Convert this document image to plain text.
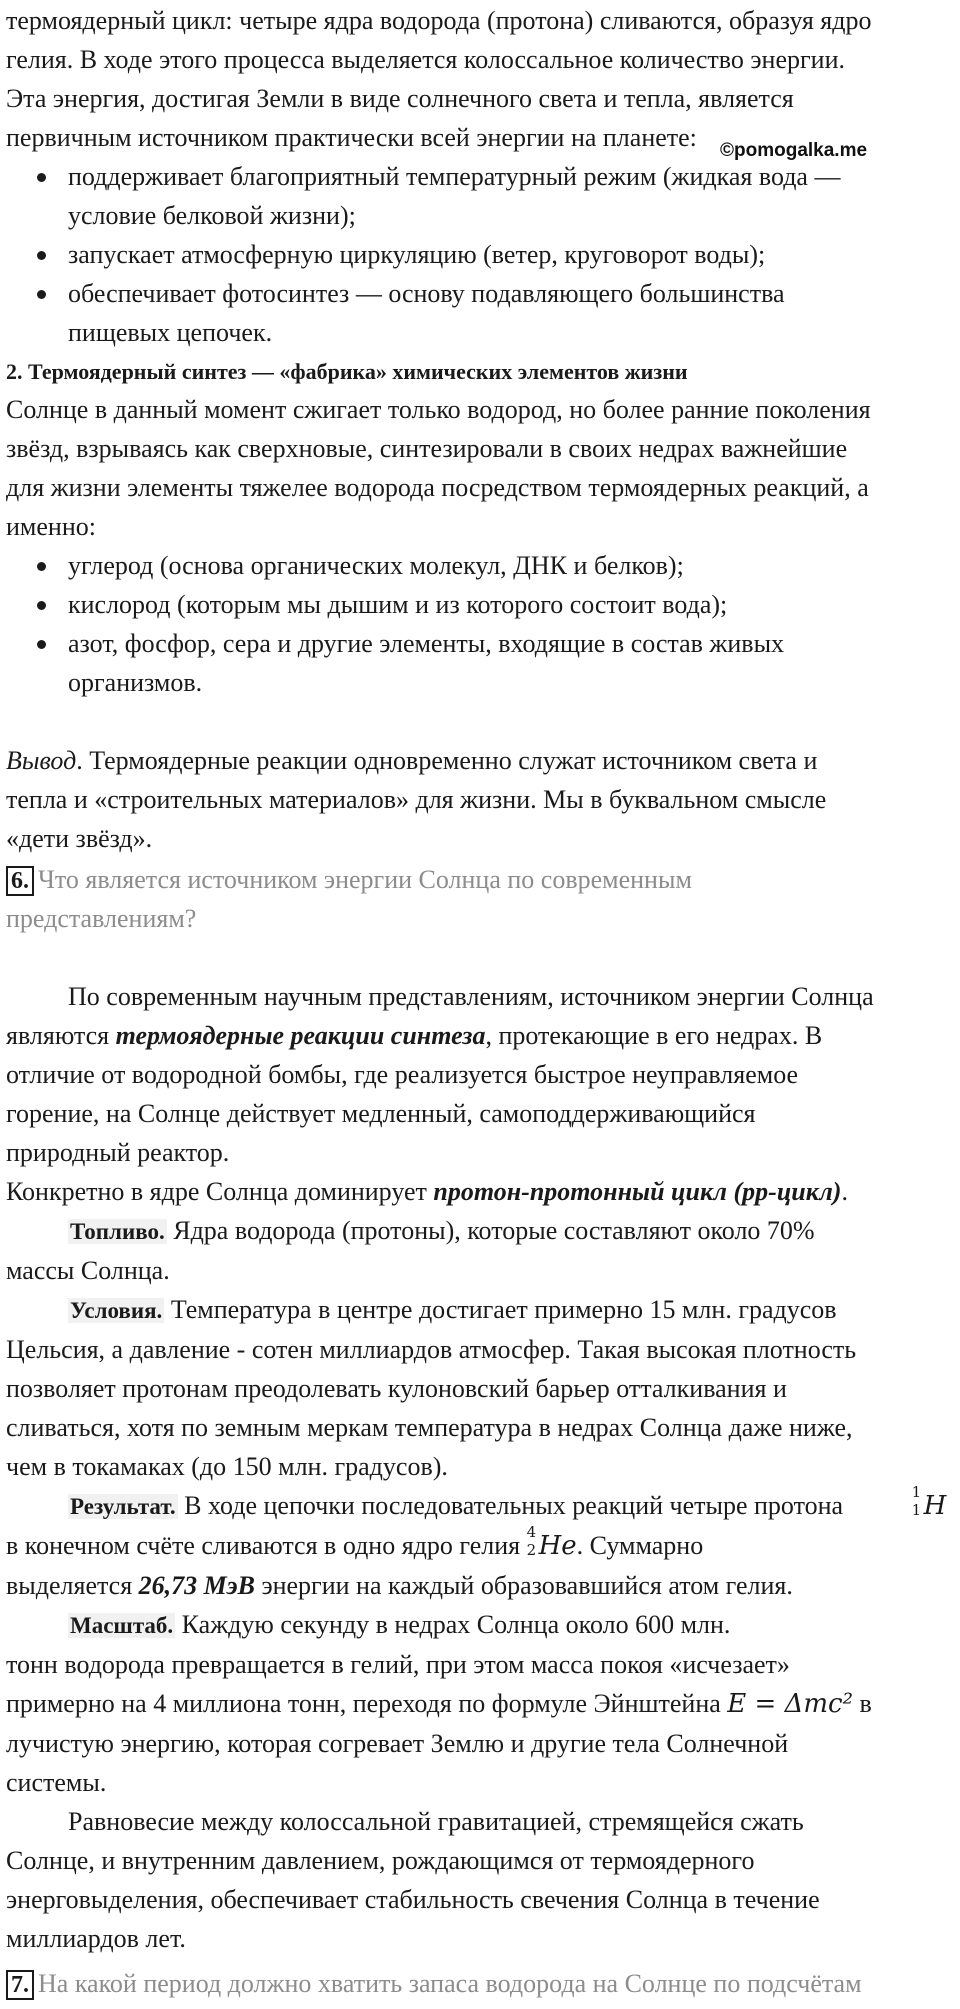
©pomogalka.me

термоядерный цикл: четыре ядра водорода (протона) сливаются, образуя ядро

гелия. В ходе этого процесса выделяется колоссальное количество энергии.

Эта энергия, достигая Земли в виде солнечного света и тепла, является

первичным источником практически всей энергии на планете:

поддерживает благоприятный температурный режим (жидкая вода —
условие белковой жизни);
запускает атмосферную циркуляцию (ветер, круговорот воды);
обеспечивает фотосинтез — основу подавляющего большинства
пищевых цепочек.

2. Термоядерный синтез — «фабрика» химических элементов жизни

Солнце в данный момент сжигает только водород, но более ранние поколения

звёзд, взрываясь как сверхновые, синтезировали в своих недрах важнейшие

для жизни элементы тяжелее водорода посредством термоядерных реакций, а

именно:

углерод (основа органических молекул, ДНК и белков);
кислород (которым мы дышим и из которого состоит вода);
азот, фосфор, сера и другие элементы, входящие в состав живых
организмов.

Вывод. Термоядерные реакции одновременно служат источником света и

тепла и «строительных материалов» для жизни. Мы в буквальном смысле

«дети звёзд».

6. Что является источником энергии Солнца по современным

представлениям?

По современным научным представлениям, источником энергии Солнца

являются термоядерные реакции синтеза, протекающие в его недрах. В

отличие от водородной бомбы, где реализуется быстрое неуправляемое

горение, на Солнце действует медленный, самоподдерживающийся

природный реактор.

Конкретно в ядре Солнца доминирует протон-протонный цикл (pp-цикл).

Топливо. Ядра водорода (протоны), которые составляют около 70%

массы Солнца.

Условия. Температура в центре достигает примерно 15 млн. градусов

Цельсия, а давление - сотен миллиардов атмосфер. Такая высокая плотность

позволяет протонам преодолевать кулоновский барьер отталкивания и

сливаться, хотя по земным меркам температура в недрах Солнца даже ниже,

чем в токамаках (до 150 млн. градусов).

Результат. В ходе цепочки последовательных реакций четыре протона	1
1 H

в конечном счёте сливаются в одно ядро гелия 4
2 He. Суммарно

выделяется 26,73 МэВ энергии на каждый образовавшийся атом гелия.

Масштаб. Каждую секунду в недрах Солнца около 600 млн.

тонн водорода превращается в гелий, при этом масса покоя «исчезает»

примерно на 4 миллиона тонн, переходя по формуле Эйнштейна E = Δmc² в

лучистую энергию, которая согревает Землю и другие тела Солнечной

системы.

Равновесие между колоссальной гравитацией, стремящейся сжать

Солнце, и внутренним давлением, рождающимся от термоядерного

энерговыделения, обеспечивает стабильность свечения Солнца в течение

миллиардов лет.

7. На какой период должно хватить запаса водорода на Солнце по подсчётам
